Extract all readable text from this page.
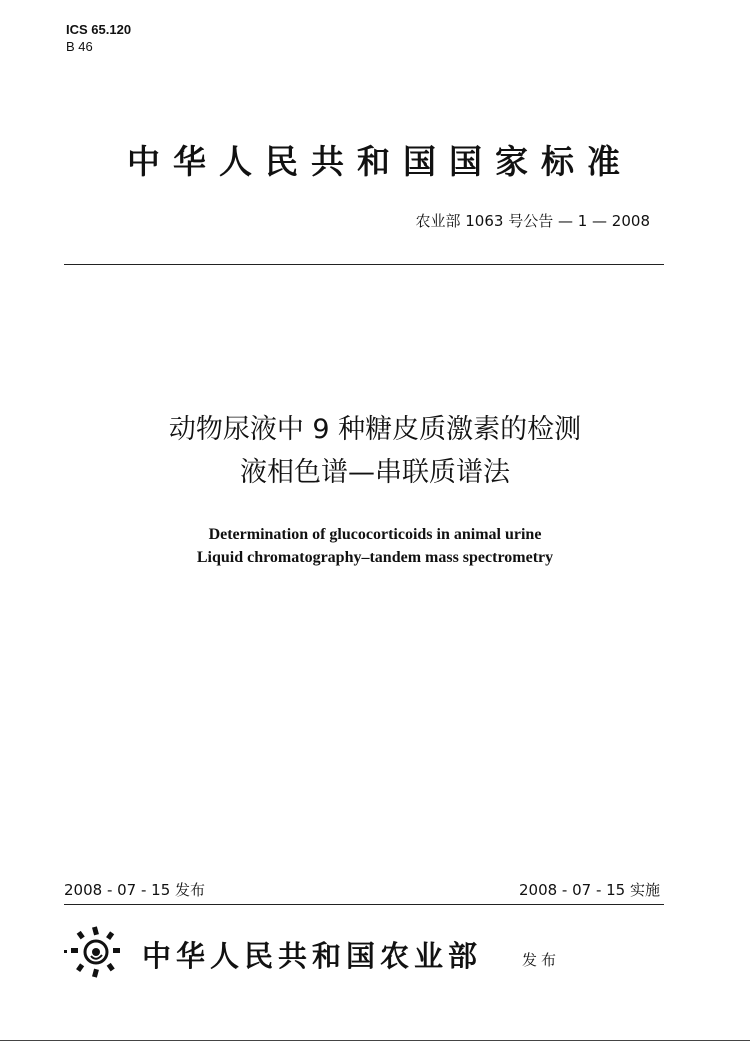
ICS 65.120
B 46
中华人民共和国国家标准
农业部 1063 号公告 — 1 — 2008
动物尿液中 9 种糖皮质激素的检测
液相色谱—串联质谱法
Determination of glucocorticoids in animal urine
Liquid chromatography–tandem mass spectrometry
2008 - 07 - 15 发布	2008 - 07 - 15 实施
中华人民共和国农业部	发布
